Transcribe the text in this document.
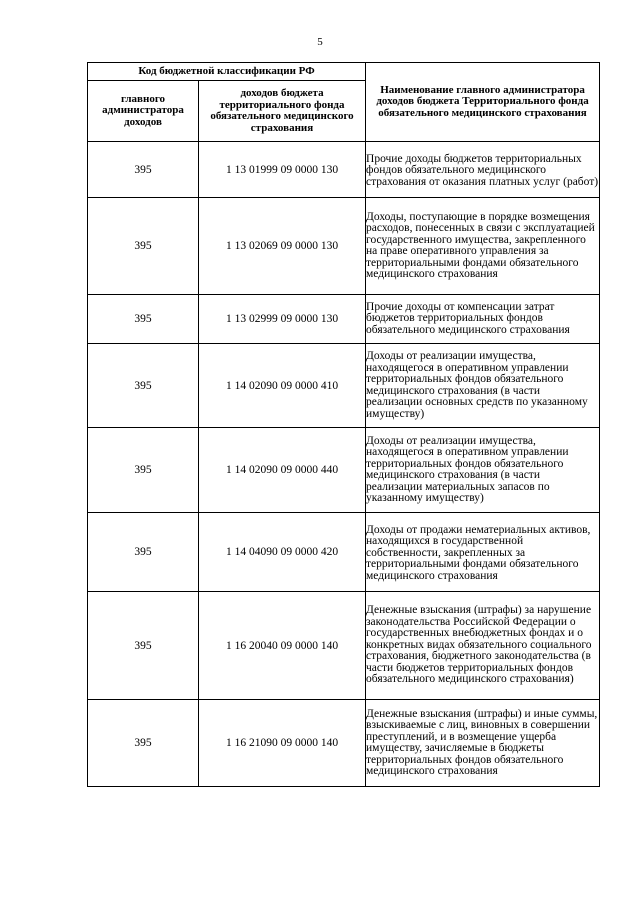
5
Код бюджетной классификации РФ		Наименование главного администратора доходов бюджета Территориального фонда обязательного медицинского страхования
главного администратора доходов	доходов бюджета территориального фонда обязательного медицинского страхования	
395	1 13 01999 09 0000 130	Прочие доходы бюджетов территориальных фондов обязательного медицинского страхования от оказания платных услуг (работ)
395	1 13 02069 09 0000 130	Доходы, поступающие в порядке возмещения расходов, понесенных в связи с эксплуатацией государственного имущества, закрепленного на праве оперативного управления за территориальными фондами обязательного медицинского страхования
395	1 13 02999 09 0000 130	Прочие доходы от компенсации затрат бюджетов территориальных фондов обязательного медицинского страхования
395	1 14 02090 09 0000 410	Доходы от реализации имущества, находящегося в оперативном управлении территориальных фондов обязательного медицинского страхования (в части реализации основных средств по указанному имуществу)
395	1 14 02090 09 0000 440	Доходы от реализации имущества, находящегося в оперативном управлении территориальных фондов обязательного медицинского страхования (в части реализации материальных запасов по указанному имуществу)
395	1 14 04090 09 0000 420	Доходы от продажи нематериальных активов, находящихся в государственной собственности, закрепленных за территориальными фондами обязательного медицинского страхования
395	1 16 20040 09 0000 140	Денежные взыскания (штрафы) за нарушение законодательства Российской Федерации о государственных внебюджетных фондах и о конкретных видах обязательного социального страхования, бюджетного законодательства (в части бюджетов территориальных фондов обязательного медицинского страхования)
395	1 16 21090 09 0000 140	Денежные взыскания (штрафы) и иные суммы, взыскиваемые с лиц, виновных в совершении преступлений, и в возмещение ущерба имуществу, зачисляемые в бюджеты территориальных фондов обязательного медицинского страхования
